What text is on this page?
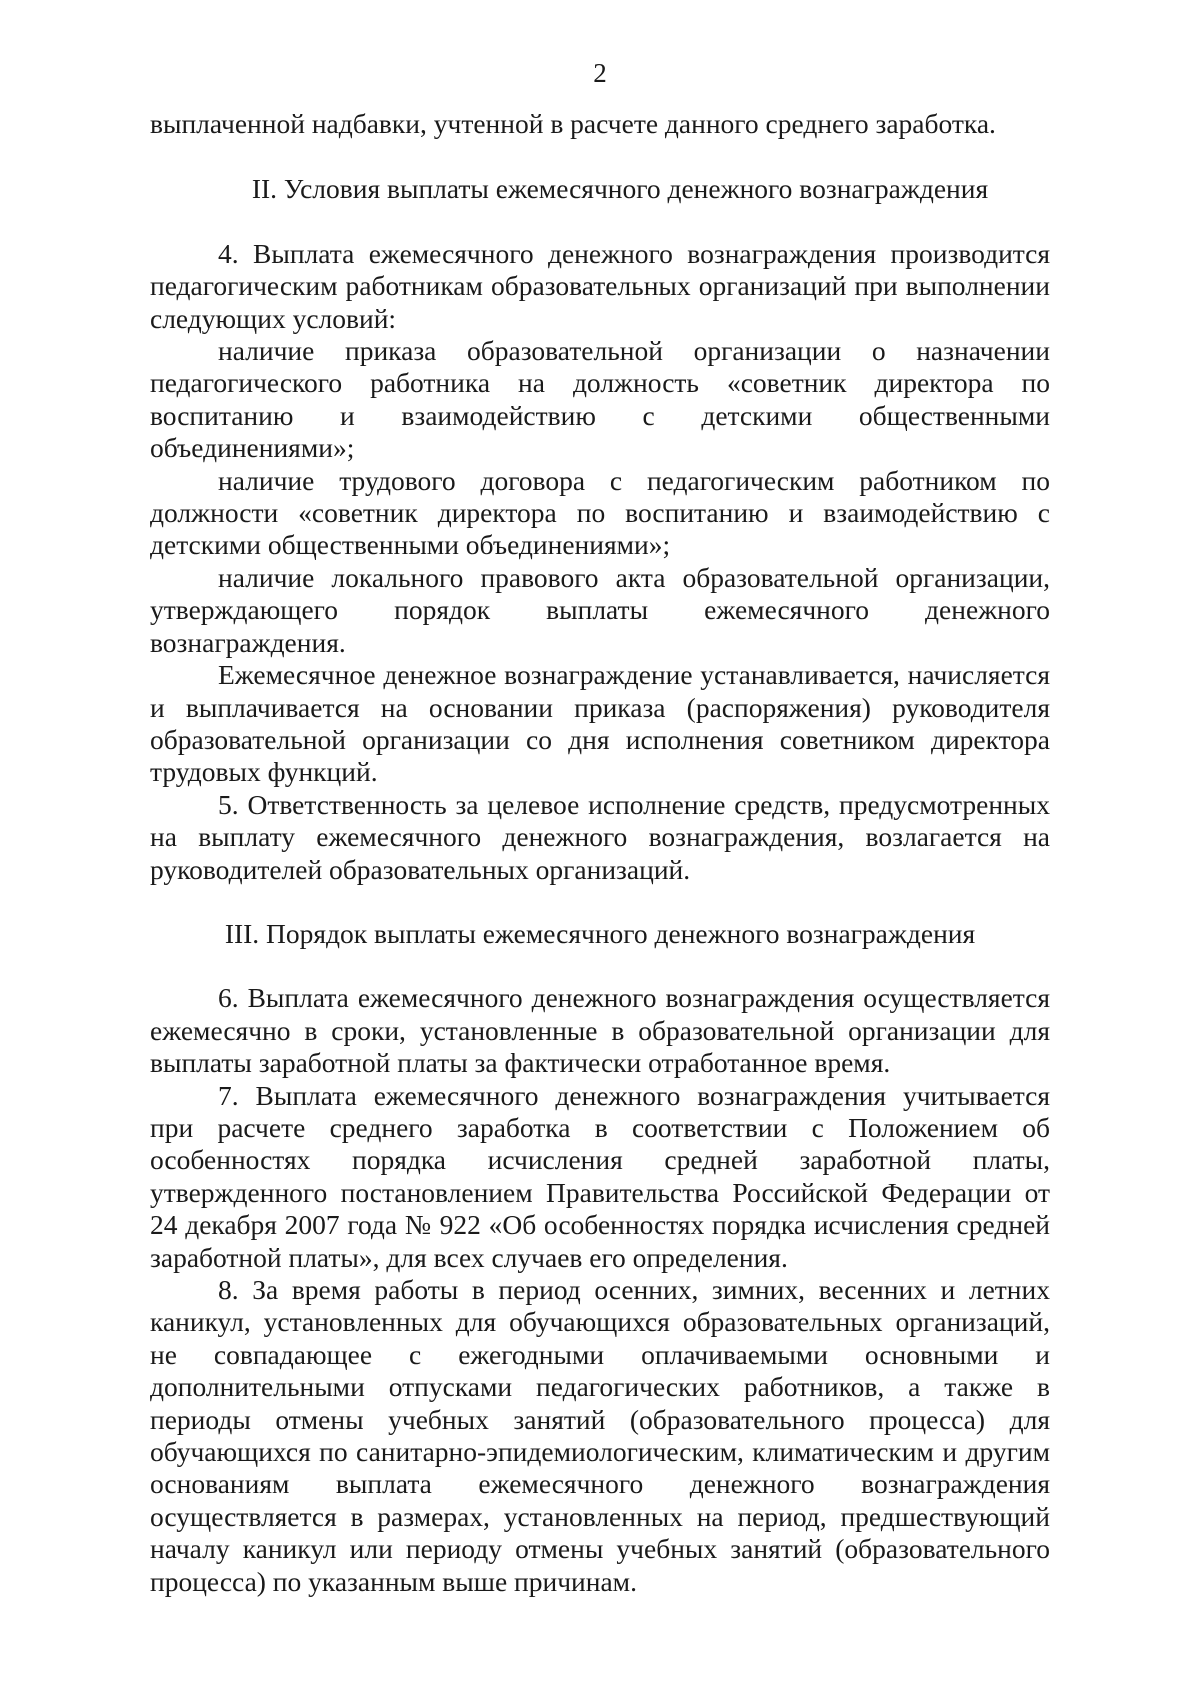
2

выплаченной надбавки, учтенной в расчете данного среднего заработка.

II. Условия выплаты ежемесячного денежного вознаграждения

4. Выплата ежемесячного денежного вознаграждения производится педагогическим работникам образовательных организаций при выполнении следующих условий:

наличие приказа образовательной организации о назначении педагогического работника на должность «советник директора по воспитанию и взаимодействию с детскими общественными объединениями»;

наличие трудового договора с педагогическим работником по должности «советник директора по воспитанию и взаимодействию с детскими общественными объединениями»;

наличие локального правового акта образовательной организации, утверждающего порядок выплаты ежемесячного денежного вознаграждения.

Ежемесячное денежное вознаграждение устанавливается, начисляется и выплачивается на основании приказа (распоряжения) руководителя образовательной организации со дня исполнения советником директора трудовых функций.

5. Ответственность за целевое исполнение средств, предусмотренных на выплату ежемесячного денежного вознаграждения, возлагается на руководителей образовательных организаций.

III. Порядок выплаты ежемесячного денежного вознаграждения

6. Выплата ежемесячного денежного вознаграждения осуществляется ежемесячно в сроки, установленные в образовательной организации для выплаты заработной платы за фактически отработанное время.

7. Выплата ежемесячного денежного вознаграждения учитывается при расчете среднего заработка в соответствии с Положением об особенностях порядка исчисления средней заработной платы, утвержденного постановлением Правительства Российской Федерации от 24 декабря 2007 года № 922 «Об особенностях порядка исчисления средней заработной платы», для всех случаев его определения.

8. За время работы в период осенних, зимних, весенних и летних каникул, установленных для обучающихся образовательных организаций, не совпадающее с ежегодными оплачиваемыми основными и дополнительными отпусками педагогических работников, а также в периоды отмены учебных занятий (образовательного процесса) для обучающихся по санитарно-эпидемиологическим, климатическим и другим основаниям выплата ежемесячного денежного вознаграждения осуществляется в размерах, установленных на период, предшествующий началу каникул или периоду отмены учебных занятий (образовательного процесса) по указанным выше причинам.
